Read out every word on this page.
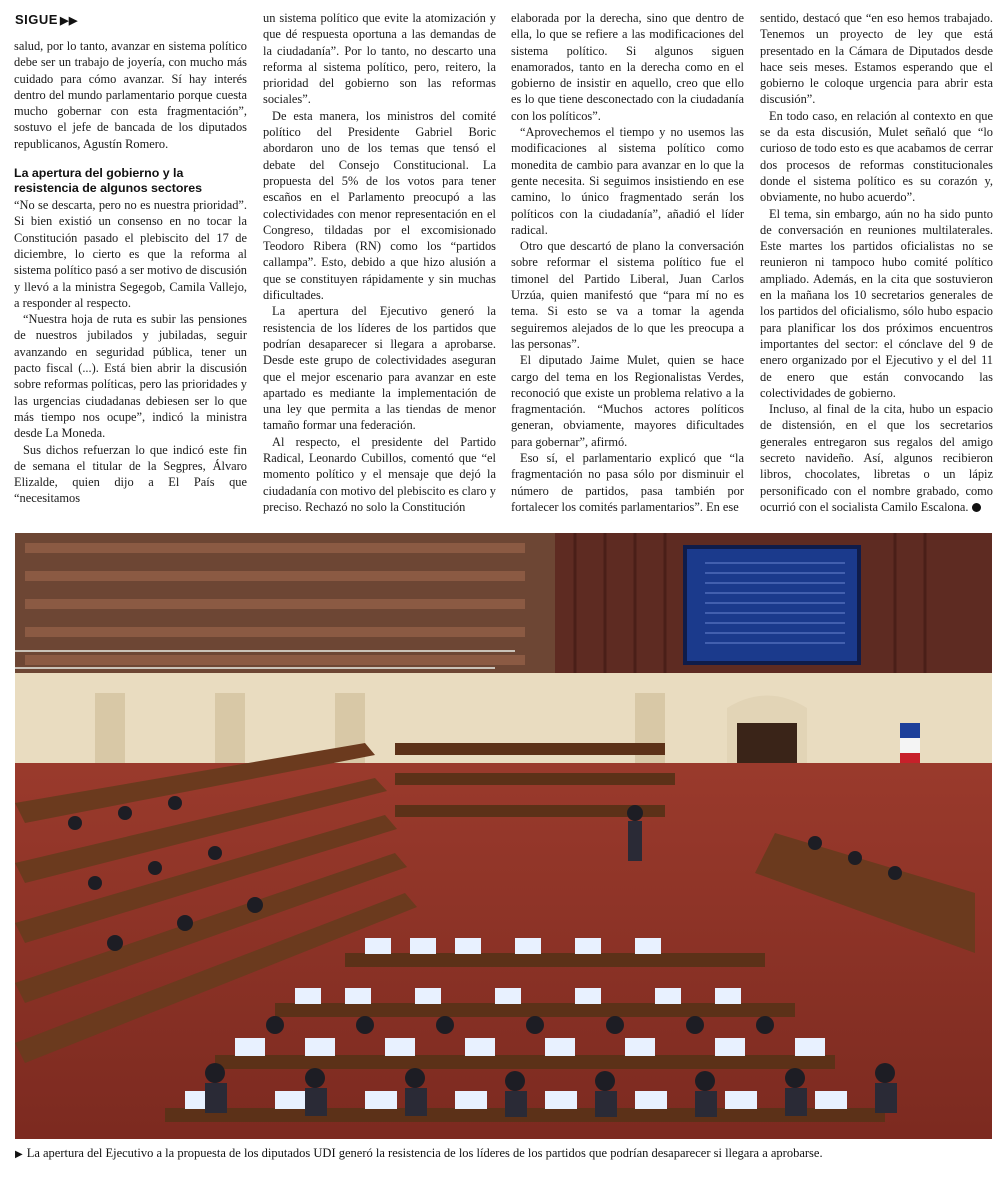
SIGUE ▶▶

salud, por lo tanto, avanzar en sistema político debe ser un trabajo de joyería, con mucho más cuidado para cómo avanzar. Sí hay interés dentro del mundo parlamentario porque cuesta mucho gobernar con esta fragmentación”, sostuvo el jefe de bancada de los diputados republicanos, Agustín Romero.

La apertura del gobierno y la resistencia de algunos sectores

“No se descarta, pero no es nuestra prioridad”. Si bien existió un consenso en no tocar la Constitución pasado el plebiscito del 17 de diciembre, lo cierto es que la reforma al sistema político pasó a ser motivo de discusión y llevó a la ministra Segegob, Camila Vallejo, a responder al respecto.

“Nuestra hoja de ruta es subir las pensiones de nuestros jubilados y jubiladas, seguir avanzando en seguridad pública, tener un pacto fiscal (...). Está bien abrir la discusión sobre reformas políticas, pero las prioridades y las urgencias ciudadanas debiesen ser lo que más tiempo nos ocupe”, indicó la ministra desde La Moneda.

Sus dichos refuerzan lo que indicó este fin de semana el titular de la Segpres, Álvaro Elizalde, quien dijo a El País que “necesitamos

un sistema político que evite la atomización y que dé respuesta oportuna a las demandas de la ciudadanía”. Por lo tanto, no descarto una reforma al sistema político, pero, reitero, la prioridad del gobierno son las reformas sociales”.

De esta manera, los ministros del comité político del Presidente Gabriel Boric abordaron uno de los temas que tensó el debate del Consejo Constitucional. La propuesta del 5% de los votos para tener escaños en el Parlamento preocupó a las colectividades con menor representación en el Congreso, tildadas por el excomisionado Teodoro Ribera (RN) como los “partidos callampa”. Esto, debido a que hizo alusión a que se constituyen rápidamente y sin muchas dificultades.

La apertura del Ejecutivo generó la resistencia de los líderes de los partidos que podrían desaparecer si llegara a aprobarse. Desde este grupo de colectividades aseguran que el mejor escenario para avanzar en este apartado es mediante la implementación de una ley que permita a las tiendas de menor tamaño formar una federación.

Al respecto, el presidente del Partido Radical, Leonardo Cubillos, comentó que “el momento político y el mensaje que dejó la ciudadanía con motivo del plebiscito es claro y preciso. Rechazó no solo la Constitución

elaborada por la derecha, sino que dentro de ella, lo que se refiere a las modificaciones del sistema político. Si algunos siguen enamorados, tanto en la derecha como en el gobierno de insistir en aquello, creo que ello es lo que tiene desconectado con la ciudadanía con los políticos”.

“Aprovechemos el tiempo y no usemos las modificaciones al sistema político como monedita de cambio para avanzar en lo que la gente necesita. Si seguimos insistiendo en ese camino, lo único fragmentado serán los políticos con la ciudadanía”, añadió el líder radical.

Otro que descartó de plano la conversación sobre reformar el sistema político fue el timonel del Partido Liberal, Juan Carlos Urzúa, quien manifestó que “para mí no es tema. Si esto se va a tomar la agenda seguiremos alejados de lo que les preocupa a las personas”.

El diputado Jaime Mulet, quien se hace cargo del tema en los Regionalistas Verdes, reconoció que existe un problema relativo a la fragmentación. “Muchos actores políticos generan, obviamente, mayores dificultades para gobernar”, afirmó.

Eso sí, el parlamentario explicó que “la fragmentación no pasa sólo por disminuir el número de partidos, pasa también por fortalecer los comités parlamentarios”. En ese

sentido, destacó que “en eso hemos trabajado. Tenemos un proyecto de ley que está presentado en la Cámara de Diputados desde hace seis meses. Estamos esperando que el gobierno le coloque urgencia para abrir esta discusión”.

En todo caso, en relación al contexto en que se da esta discusión, Mulet señaló que “lo curioso de todo esto es que acabamos de cerrar dos procesos de reformas constitucionales donde el sistema político es su corazón y, obviamente, no hubo acuerdo”.

El tema, sin embargo, aún no ha sido punto de conversación en reuniones multilaterales. Este martes los partidos oficialistas no se reunieron ni tampoco hubo comité político ampliado. Además, en la cita que sostuvieron en la mañana los 10 secretarios generales de los partidos del oficialismo, sólo hubo espacio para planificar los dos próximos encuentros importantes del sector: el cónclave del 9 de enero organizado por el Ejecutivo y el del 11 de enero que están convocando las colectividades de gobierno.

Incluso, al final de la cita, hubo un espacio de distensión, en el que los secretarios generales entregaron sus regalos del amigo secreto navideño. Así, algunos recibieron libros, chocolates, libretas o un lápiz personificado con el nombre grabado, como ocurrió con el socialista Camilo Escalona.

▶ La apertura del Ejecutivo a la propuesta de los diputados UDI generó la resistencia de los líderes de los partidos que podrían desaparecer si llegara a aprobarse.
